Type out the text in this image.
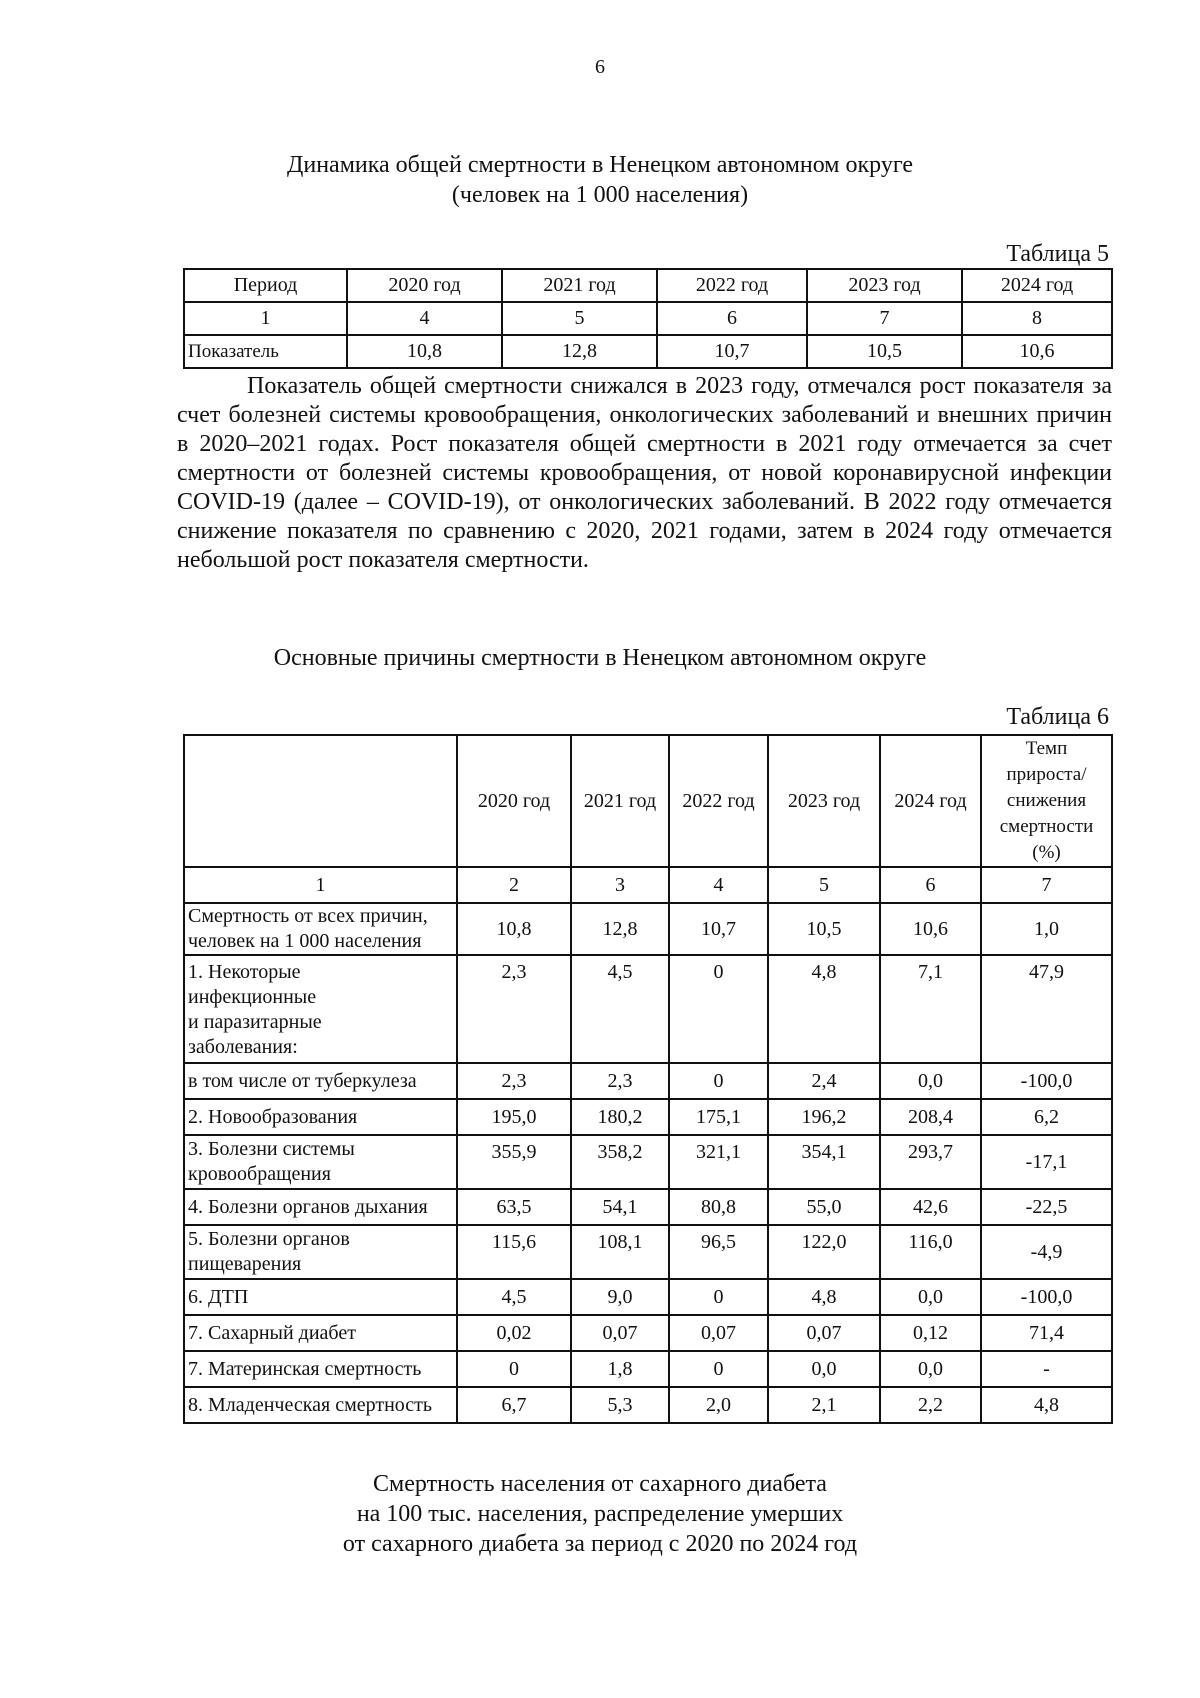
6
Динамика общей смертности в Ненецком автономном округе
(человек на 1 000 населения)
Таблица 5
Период	2020 год	2021 год	2022 год	2023 год	2024 год
1	4	5	6	7	8
Показатель	10,8	12,8	10,7	10,5	10,6
Показатель общей смертности снижался в 2023 году, отмечался рост показателя за счет болезней системы кровообращения, онкологических заболеваний и внешних причин в 2020–2021 годах. Рост показателя общей смертности в 2021 году отмечается за счет смертности от болезней системы кровообращения, от новой коронавирусной инфекции COVID-19 (далее – COVID-19), от онкологических заболеваний. В 2022 году отмечается снижение показателя по сравнению с 2020, 2021 годами, затем в 2024 году отмечается небольшой рост показателя смертности.
Основные причины смертности в Ненецком автономном округе
Таблица 6
	2020 год	2021 год	2022 год	2023 год	2024 год	Темп
прироста/
снижения
смертности
(%)

1	2	3	4	5	6	7

Смертность от всех причин,
человек на 1 000 населения	10,8	12,8	10,7	10,5	10,6	1,0

1. Некоторые
инфекционные
и паразитарные
заболевания:	2,3	4,5	0	4,8	7,1	47,9

в том числе от туберкулеза	2,3	2,3	0	2,4	0,0	-100,0

2. Новообразования	195,0	180,2	175,1	196,2	208,4	6,2

3. Болезни системы
кровообращения	355,9	358,2	321,1	354,1	293,7	-17,1

4. Болезни органов дыхания	63,5	54,1	80,8	55,0	42,6	-22,5

5. Болезни органов
пищеварения	115,6	108,1	96,5	122,0	116,0	-4,9

6. ДТП	4,5	9,0	0	4,8	0,0	-100,0

7. Сахарный диабет	0,02	0,07	0,07	0,07	0,12	71,4

7. Материнская смертность	0	1,8	0	0,0	0,0	-

8. Младенческая смертность	6,7	5,3	2,0	2,1	2,2	4,8
Смертность населения от сахарного диабета
на 100 тыс. населения, распределение умерших
от сахарного диабета за период с 2020 по 2024 год
